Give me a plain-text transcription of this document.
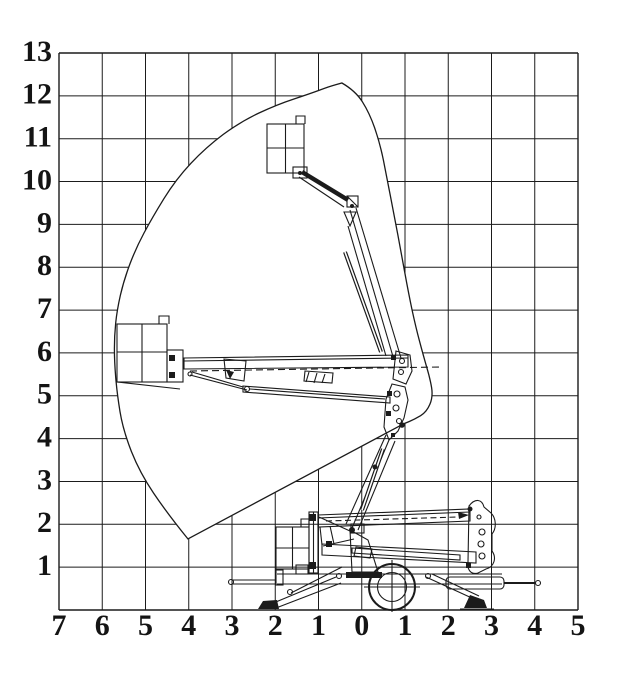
7 6 5 4 3 2 1 0 1 2 3 4 5
13
12
11
10
9
8
7
6
5
4
3
2
1
